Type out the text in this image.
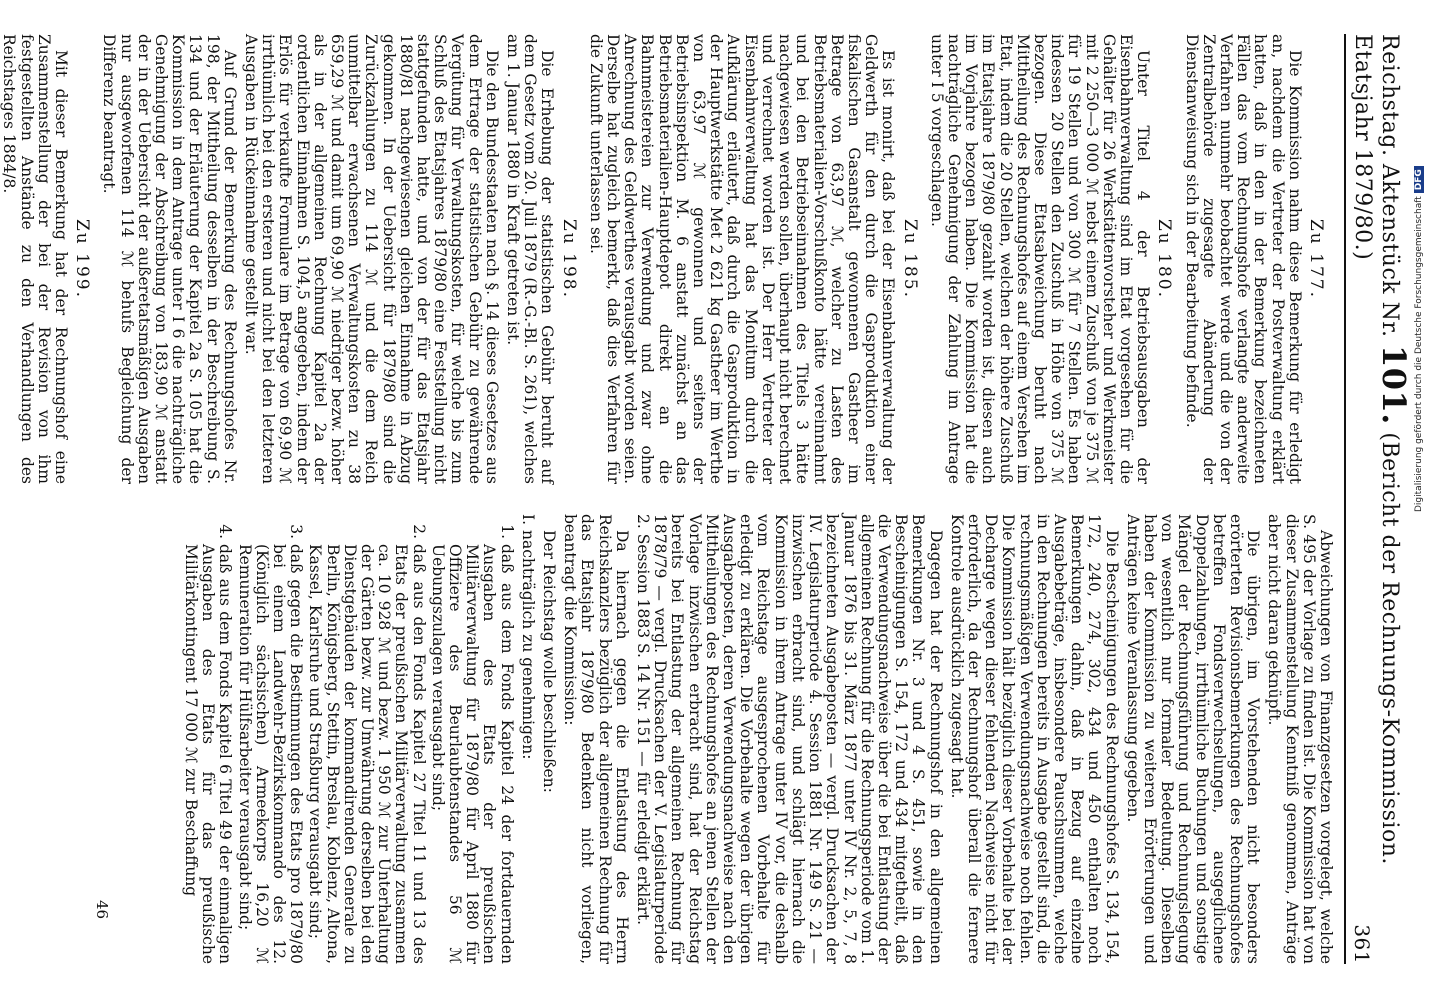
Reichstag. Aktenstück Nr. 101. (Bericht der Rechnungs-Kommission. Etatsjahr 1879/80.)
361
Zu 177.

Die Kommission nahm diese Bemerkung für erledigt an, nachdem die Vertreter der Postverwaltung erklärt hatten, daß in den in der Bemerkung bezeichneten Fällen das vom Rechnungshofe verlangte anderweite Verfahren nunmehr beobachtet werde und die von der Zentralbehörde zugesagte Abänderung der Dienstanweisung sich in der Bearbeitung befinde.

Zu 180.

Unter Titel 4 der Betriebsausgaben der Eisenbahnverwaltung sind im Etat vorgesehen für die Gehälter für 26 Werkstättenvorsteher und Werkmeister mit 2 250—3 000 ℳ nebst einem Zuschuß von je 375 ℳ für 19 Stellen und von 300 ℳ für 7 Stellen. Es haben indessen 20 Stellen den Zuschuß in Höhe von 375 ℳ bezogen. Diese Etatsabweichung beruht nach Mittheilung des Rechnungshofes auf einem Versehen im Etat, indem die 20 Stellen, welchen der höhere Zuschuß im Etatsjahre 1879/80 gezahlt worden ist, diesen auch im Vorjahre bezogen haben. Die Kommission hat die nachträgliche Genehmigung der Zahlung im Antrage unter I 5 vorgeschlagen.

Zu 185.

Es ist monirt, daß bei der Eisenbahnverwaltung der Geldwerth für den durch die Gasproduktion einer fiskalischen Gasanstalt gewonnenen Gastheer im Betrage von 63,97 ℳ, welcher zu Lasten des Betriebsmaterialien-Vorschußkonto hätte vereinnahmt und bei den Betriebseinnahmen des Titels 3 hätte nachgewiesen werden sollen, überhaupt nicht berechnet und verrechnet worden ist. Der Herr Vertreter der Eisenbahnverwaltung hat das Monitum durch die Aufklärung erläutert, daß durch die Gasproduktion in der Hauptwerkstätte Met 2 621 kg Gastheer im Werthe von 63,97 ℳ gewonnen und seitens der Betriebsinspektion M. 6 anstatt zunächst an das Betriebsmaterialien-Hauptdepot direkt an die Bahnmeistereien zur Verwendung und zwar ohne Anrechnung des Geldwerthes verausgabt worden seien. Derselbe hat zugleich bemerkt, daß dies Verfahren für die Zukunft unterlassen sei.

Zu 198.

Die Erhebung der statistischen Gebühr beruht auf dem Gesetz vom 20. Juli 1879 (R.-G.-Bl. S. 261), welches am 1. Januar 1880 in Kraft getreten ist.

Die den Bundesstaaten nach §. 14 dieses Gesetzes aus dem Ertrage der statistischen Gebühr zu gewährende Vergütung für Verwaltungskosten, für welche bis zum Schluß des Etatsjahres 1879/80 eine Feststellung nicht stattgefunden hatte, und von der für das Etatsjahr 1880/81 nachgewiesenen gleichen Einnahme in Abzug gekommen. In der Uebersicht für 1879/80 sind die Zurückzahlungen zu 114 ℳ und die dem Reich unmittelbar erwachsenen Verwaltungskosten zu 38 659,29 ℳ und damit um 69,90 ℳ niedriger bezw. höher als in der allgemeinen Rechnung Kapitel 2a der ordentlichen Einnahmen S. 104,5 angegeben, indem der Erlös für verkaufte Formulare im Betrage von 69,90 ℳ irrthümlich bei den ersteren und nicht bei den letzteren Ausgaben in Rückeinnahme gestellt war.

Auf Grund der Bemerkung des Rechnungshofes Nr. 198, der Mittheilung desselben in der Beschreibung S. 134 und der Erläuterung der Kapitel 2a S. 105 hat die Kommission in dem Antrage unter I 6 die nachträgliche Genehmigung der Abschreibung von 183,90 ℳ anstatt der in der Uebersicht der außeretatsmäßigen Ausgaben nur ausgeworfenen 114 ℳ behufs Begleichung der Differenz beantragt.

Zu 199.

Mit dieser Bemerkung hat der Rechnungshof eine Zusammenstellung der bei der Revision von ihm festgestellten Anstände zu den Verhandlungen des Reichstages 1884/8.

Abweichungen von Finanzgesetzen vorgelegt, welche S. 495 der Vorlage zu finden ist. Die Kommission hat von dieser Zusammenstellung Kenntniß genommen, Anträge aber nicht daran geknüpft.

Die übrigen, im Vorstehenden nicht besonders erörterten Revisionsbemerkungen des Rechnungshofes betreffen Fondsverwechselungen, ausgeglichene Doppelzahlungen, irrthümliche Buchungen und sonstige Mängel der Rechnungsführung und Rechnungslegung von wesentlich nur formaler Bedeutung. Dieselben haben der Kommission zu weiteren Erörterungen und Anträgen keine Veranlassung gegeben.

Die Bescheinigungen des Rechnungshofes S. 134, 154, 172, 240, 274, 302, 434 und 450 enthalten noch Bemerkungen dahin, daß in Bezug auf einzelne Ausgabebeträge, insbesondere Pauschsummen, welche in den Rechnungen bereits in Ausgabe gestellt sind, die rechnungsmäßigen Verwendungsnachweise noch fehlen. Die Kommission hält bezüglich dieser Vorbehalte bei der Decharge wegen dieser fehlenden Nachweise nicht für erforderlich, da der Rechnungshof überall die fernere Kontrole ausdrücklich zugesagt hat.

Dagegen hat der Rechnungshof in den allgemeinen Bemerkungen Nr. 3 und 4 S. 451, sowie in den Bescheinigungen S. 154, 172 und 434 mitgetheilt, daß die Verwendungsnachweise über die bei Entlastung der allgemeinen Rechnung für die Rechnungsperiode vom 1. Januar 1876 bis 31. März 1877 unter IV Nr. 2, 5, 7, 8 bezeichneten Ausgabeposten — vergl. Drucksachen der IV. Legislaturperiode 4. Session 1881 Nr. 149 S. 21 — inzwischen erbracht sind, und schlägt hiernach die Kommission in ihrem Antrage unter IV vor, die deshalb vom Reichstage ausgesprochenen Vorbehalte für erledigt zu erklären. Die Vorbehalte wegen der übrigen Ausgabeposten, deren Verwendungsnachweise nach den Mittheilungen des Rechnungshofes an jenen Stellen der Vorlage inzwischen erbracht sind, hat der Reichstag bereits bei Entlastung der allgemeinen Rechnung für 1878/79 — vergl. Drucksachen der V. Legislaturperiode 2. Session 1883 S. 14 Nr. 151 — für erledigt erklärt.

Da hiernach gegen die Entlastung des Herrn Reichskanzlers bezüglich der allgemeinen Rechnung für das Etatsjahr 1879/80 Bedenken nicht vorliegen, beantragt die Kommission:

Der Reichstag wolle beschließen:

I. nachträglich zu genehmigen:

1. daß aus dem Fonds Kapitel 24 der fortdauernden Ausgaben des Etats der preußischen Militärverwaltung für 1879/80 für April 1880 für Offiziere des Beurlaubtenstandes 56 ℳ Uebungszulagen verausgabt sind;
2. daß aus den Fonds Kapitel 27 Titel 11 und 13 des Etats der preußischen Militärverwaltung zusammen ca. 10 928 ℳ und bezw. 1 950 ℳ zur Unterhaltung der Gärten bezw. zur Umwährung derselben bei den Dienstgebäuden der kommandirenden Generale zu Berlin, Königsberg, Stettin, Breslau, Koblenz, Altona, Kassel, Karlsruhe und Straßburg verausgabt sind;
3. daß gegen die Bestimmungen des Etats pro 1879/80 bei einem Landwehr-Bezirkskommando des 12. (Königlich sächsischen) Armeekorps 16,20 ℳ Remuneration für Hülfsarbeiter verausgabt sind;
4. daß aus dem Fonds Kapitel 6 Titel 49 der einmaligen Ausgaben des Etats für das preußische Militärkontingent 17 000 ℳ zur Beschaffung
46
Digitalisierung gefördert durch die Deutsche ForschungsgemeinschaftDFG
